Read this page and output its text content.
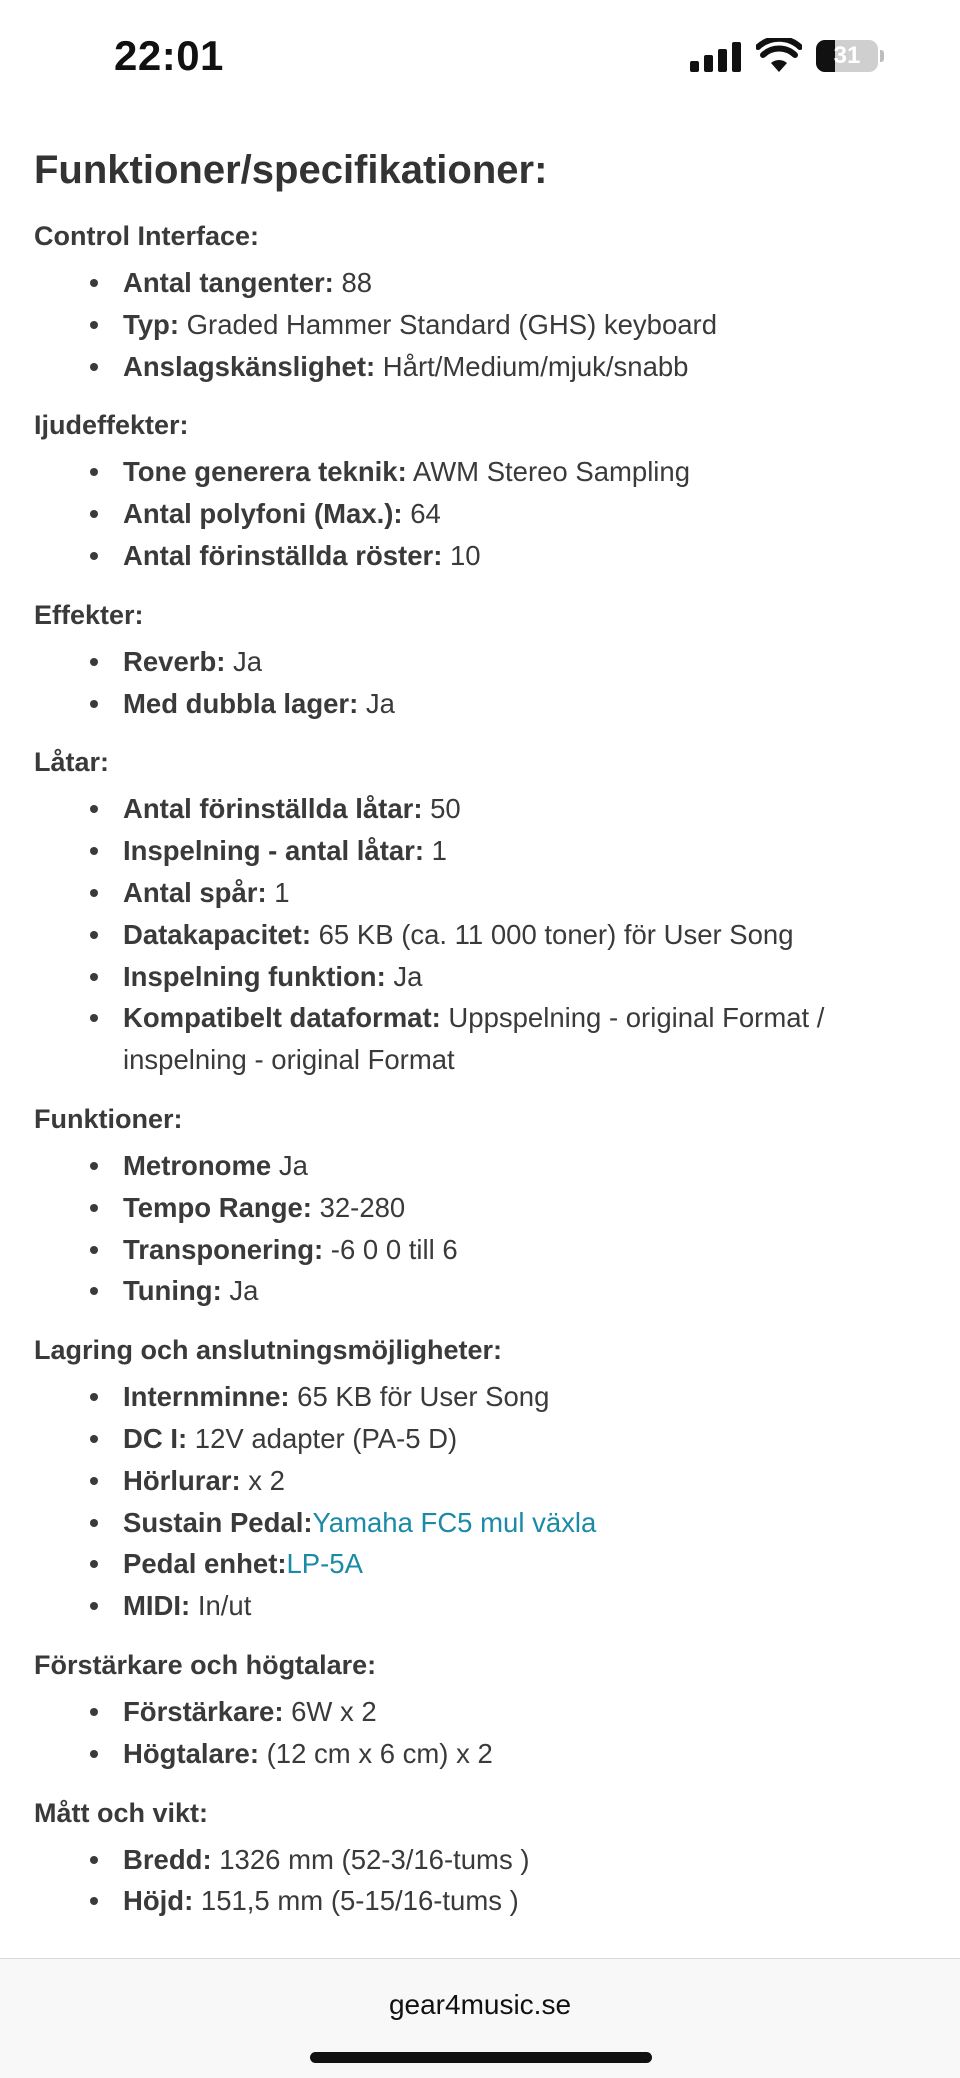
22:01	31
Funktioner/specifikationer:
Control Interface:
Antal tangenter: 88
Typ: Graded Hammer Standard (GHS) keyboard
Anslagskänslighet: Hårt/Medium/mjuk/snabb
Ijudeffekter:
Tone generera teknik: AWM Stereo Sampling
Antal polyfoni (Max.): 64
Antal förinställda röster: 10
Effekter:
Reverb: Ja
Med dubbla lager: Ja
Låtar:
Antal förinställda låtar: 50
Inspelning - antal låtar: 1
Antal spår: 1
Datakapacitet: 65 KB (ca. 11 000 toner) för User Song
Inspelning funktion: Ja
Kompatibelt dataformat: Uppspelning - original Format / inspelning - original Format
Funktioner:
Metronome Ja
Tempo Range: 32-280
Transponering: -6 0 0 till 6
Tuning: Ja
Lagring och anslutningsmöjligheter:
Internminne: 65 KB för User Song
DC I: 12V adapter (PA-5 D)
Hörlurar: x 2
Sustain Pedal:Yamaha FC5 mul växla
Pedal enhet:LP-5A
MIDI: In/ut
Förstärkare och högtalare:
Förstärkare: 6W x 2
Högtalare: (12 cm x 6 cm) x 2
Mått och vikt:
Bredd: 1326 mm (52-3/16-tums )
Höjd: 151,5 mm (5-15/16-tums )
gear4music.se
